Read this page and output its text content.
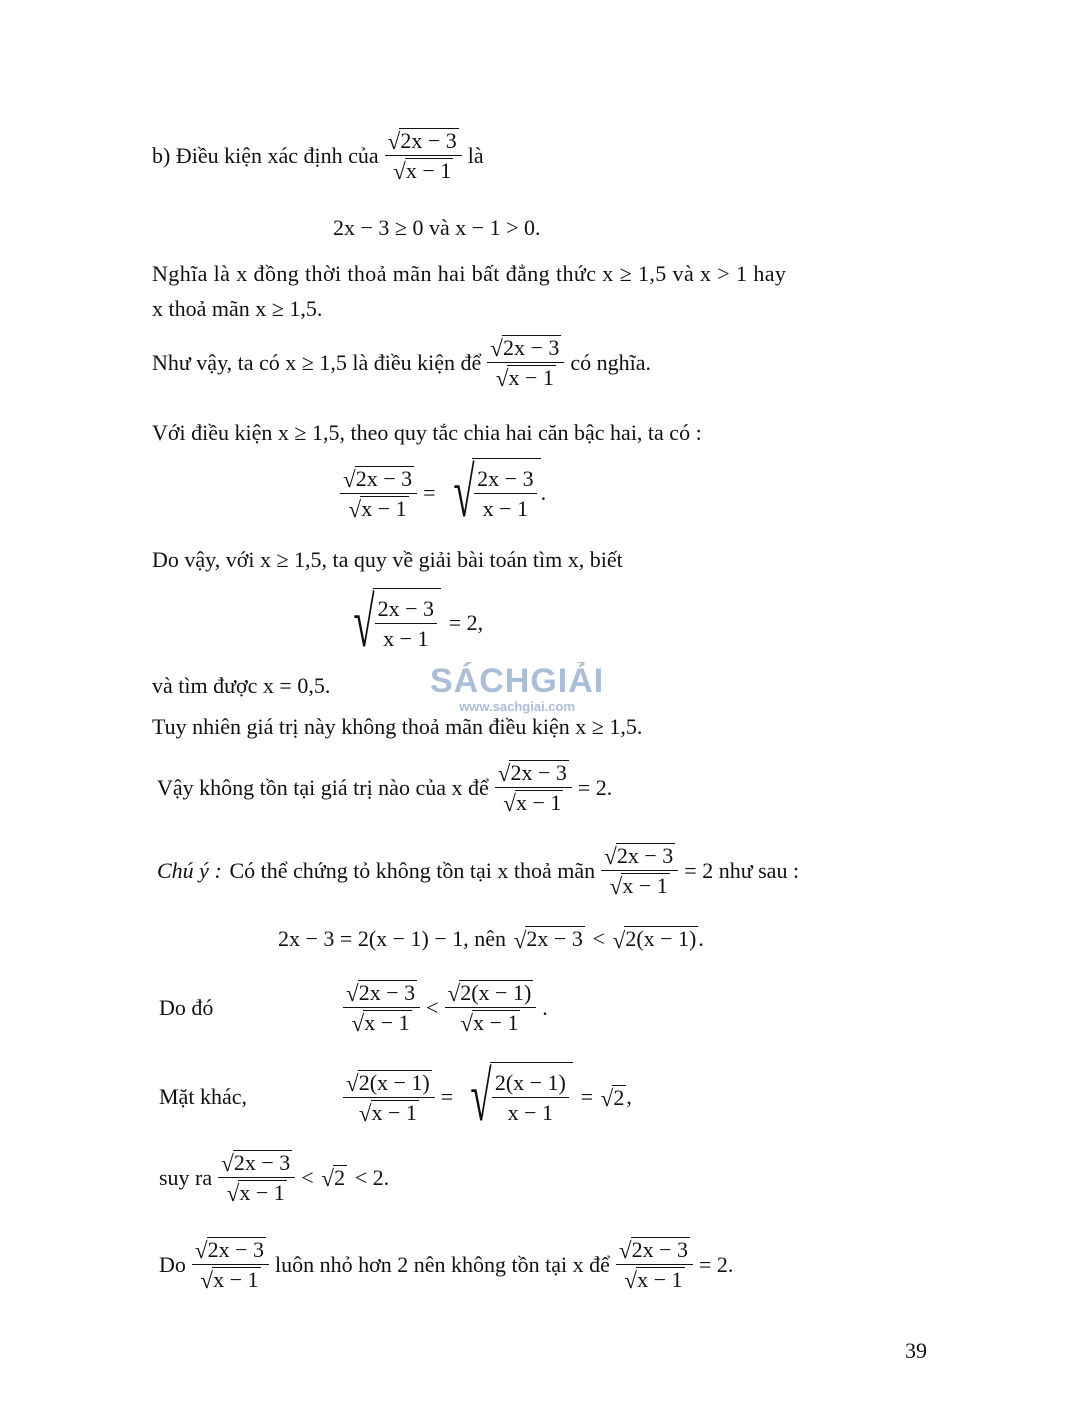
b) Điều kiện xác định của $\frac{√ 2x - 3}{√ x - 1}$ là
2x − 3 ≥ 0 và x − 1 > 0.
Nghĩa là x đồng thời thoả mãn hai bất đẳng thức x ≥ 1,5 và x > 1 hay
x thoả mãn x ≥ 1,5.
Như vậy, ta có x ≥ 1,5 là điều kiện để $\frac{√ 2x - 3}{√ x - 1}$ có nghĩa.
Với điều kiện x ≥ 1,5, theo quy tắc chia hai căn bậc hai, ta có :
$\frac{√ 2x - 3}{√ x - 1}$ = √ $\frac{2x - 3}{x - 1}$ .
Do vậy, với x ≥ 1,5, ta quy về giải bài toán tìm x, biết
√ $\frac{2x - 3}{x - 1} = 2$,
và tìm được x = 0,5.
Tuy nhiên giá trị này không thoả mãn điều kiện x ≥ 1,5.
Vậy không tồn tại giá trị nào của x để $\frac{√ 2x - 3}{√ x - 1} = 2$.
Chú ý : Có thể chứng tỏ không tồn tại x thoả mãn $\frac{√ 2x - 3}{√ x - 1} = 2$ như sau :
2x − 3 = 2(x − 1) − 1, nên √ 2x − 3 < √ 2(x − 1) .
Do đó	$\frac{√ 2x - 3}{√ x - 1} < \frac{√ 2(x - 1)}{√ x - 1}$ .
Mặt khác,	$\frac{√ 2(x - 1)}{√ x - 1}$ = √ $\frac{2(x - 1)}{x - 1}$ = √ 2 ,
suy ra $\frac{√ 2x - 3}{√ x - 1}$ < √ 2 < 2.
Do $\frac{√ 2x - 3}{√ x - 1}$ luôn nhỏ hơn 2 nên không tồn tại x để $\frac{√ 2x - 3}{√ x - 1} = 2$.
SÁCHGIẢI
www.sachgiai.com
39
